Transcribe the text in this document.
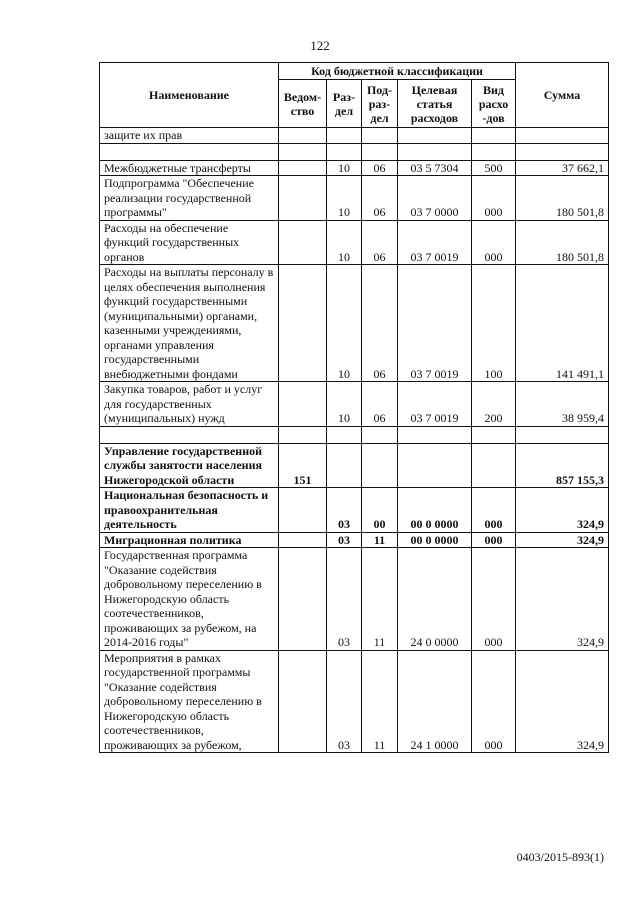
122
Наименование	Код бюджетной классификации					Сумма
	Ведом-ство	Раз-дел	Под-раз-дел	Целевая статья расходов	Вид расхо -дов	
защите их прав						

Межбюджетные трансферты		10	06	03 5 7304	500	37 662,1
Подпрограмма "Обеспечение реализации государственной программы"		10	06	03 7 0000	000	180 501,8
Расходы на обеспечение функций государственных органов		10	06	03 7 0019	000	180 501,8
Расходы на выплаты персоналу в целях обеспечения выполнения функций государственными (муниципальными) органами, казенными учреждениями, органами управления государственными внебюджетными фондами		10	06	03 7 0019	100	141 491,1
Закупка товаров, работ и услуг для государственных (муниципальных) нужд		10	06	03 7 0019	200	38 959,4

Управление государственной службы занятости населения Нижегородской области	151					857 155,3
Национальная безопасность и правоохранительная деятельность		03	00	00 0 0000	000	324,9
Миграционная политика		03	11	00 0 0000	000	324,9
Государственная программа "Оказание содействия добровольному переселению в Нижегородскую область соотечественников, проживающих за рубежом, на 2014-2016 годы"		03	11	24 0 0000	000	324,9
Мероприятия в рамках государственной программы "Оказание содействия добровольному переселению в Нижегородскую область соотечественников, проживающих за рубежом,		03	11	24 1 0000	000	324,9
0403/2015-893(1)
